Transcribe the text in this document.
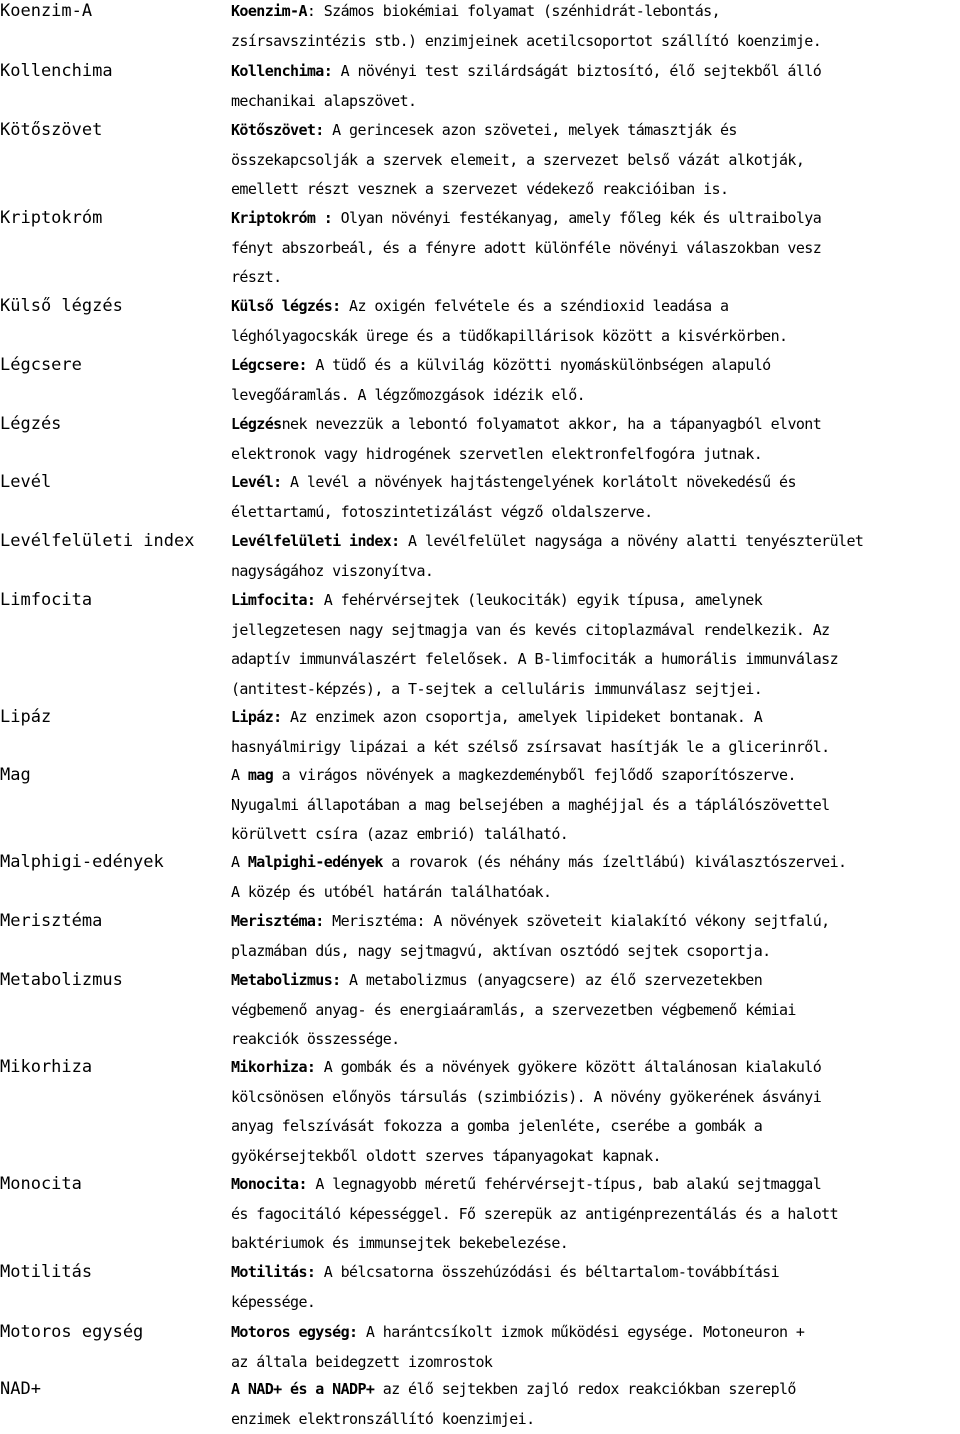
Koenzim-A	Koenzim-A: Számos biokémiai folyamat (szénhidrát-lebontás,
zsírsavszintézis stb.) enzimjeinek acetilcsoportot szállító koenzimje.
Kollenchima	Kollenchima: A növényi test szilárdságát biztosító, élő sejtekből álló
mechanikai alapszövet.
Kötőszövet	Kötőszövet: A gerincesek azon szövetei, melyek támasztják és
összekapcsolják a szervek elemeit, a szervezet belső vázát alkotják,
emellett részt vesznek a szervezet védekező reakcióiban is.
Kriptokróm	Kriptokróm : Olyan növényi festékanyag, amely főleg kék és ultraibolya
fényt abszorbeál, és a fényre adott különféle növényi válaszokban vesz
részt.
Külső légzés	Külső légzés: Az oxigén felvétele és a széndioxid leadása a
léghólyagocskák ürege és a tüdőkapillárisok között a kisvérkörben.
Légcsere	Légcsere: A tüdő és a külvilág közötti nyomáskülönbségen alapuló
levegőáramlás. A légzőmozgások idézik elő.
Légzés	Légzésnek nevezzük a lebontó folyamatot akkor, ha a tápanyagból elvont
elektronok vagy hidrogének szervetlen elektronfelfogóra jutnak.
Levél	Levél: A levél a növények hajtástengelyének korlátolt növekedésű és
élettartamú, fotoszintetizálást végző oldalszerve.
Levélfelületi index	Levélfelületi index: A levélfelület nagysága a növény alatti tenyészterület
nagyságához viszonyítva.
Limfocita	Limfocita: A fehérvérsejtek (leukociták) egyik típusa, amelynek
jellegzetesen nagy sejtmagja van és kevés citoplazmával rendelkezik. Az
adaptív immunválaszért felelősek. A B-limfociták a humorális immunválasz
(antitest-képzés), a T-sejtek a celluláris immunválasz sejtjei.
Lipáz	Lipáz: Az enzimek azon csoportja, amelyek lipideket bontanak. A
hasnyálmirigy lipázai a két szélső zsírsavat hasítják le a glicerinről.
Mag	A mag a virágos növények a magkezdeményből fejlődő szaporítószerve.
Nyugalmi állapotában a mag belsejében a maghéjjal és a táplálószövettel
körülvett csíra (azaz embrió) található.
Malphigi-edények	A Malpighi-edények a rovarok (és néhány más ízeltlábú) kiválasztószervei.
A közép és utóbél határán találhatóak.
Merisztéma	Merisztéma: Merisztéma: A növények szöveteit kialakító vékony sejtfalú,
plazmában dús, nagy sejtmagvú, aktívan osztódó sejtek csoportja.
Metabolizmus	Metabolizmus: A metabolizmus (anyagcsere) az élő szervezetekben
végbemenő anyag- és energiaáramlás, a szervezetben végbemenő kémiai
reakciók összessége.
Mikorhiza	Mikorhiza: A gombák és a növények gyökere között általánosan kialakuló
kölcsönösen előnyös társulás (szimbiózis). A növény gyökerének ásványi
anyag felszívását fokozza a gomba jelenléte, cserébe a gombák a
gyökérsejtekből oldott szerves tápanyagokat kapnak.
Monocita	Monocita: A legnagyobb méretű fehérvérsejt-típus, bab alakú sejtmaggal
és fagocitáló képességgel. Fő szerepük az antigénprezentálás és a halott
baktériumok és immunsejtek bekebelezése.
Motilitás	Motilitás: A bélcsatorna összehúzódási és béltartalom-továbbítási
képessége.
Motoros egység	Motoros egység: A harántcsíkolt izmok működési egysége. Motoneuron +
az általa beidegzett izomrostok
NAD+	A NAD+ és a NADP+ az élő sejtekben zajló redox reakciókban szereplő
enzimek elektronszállító koenzimjei.
